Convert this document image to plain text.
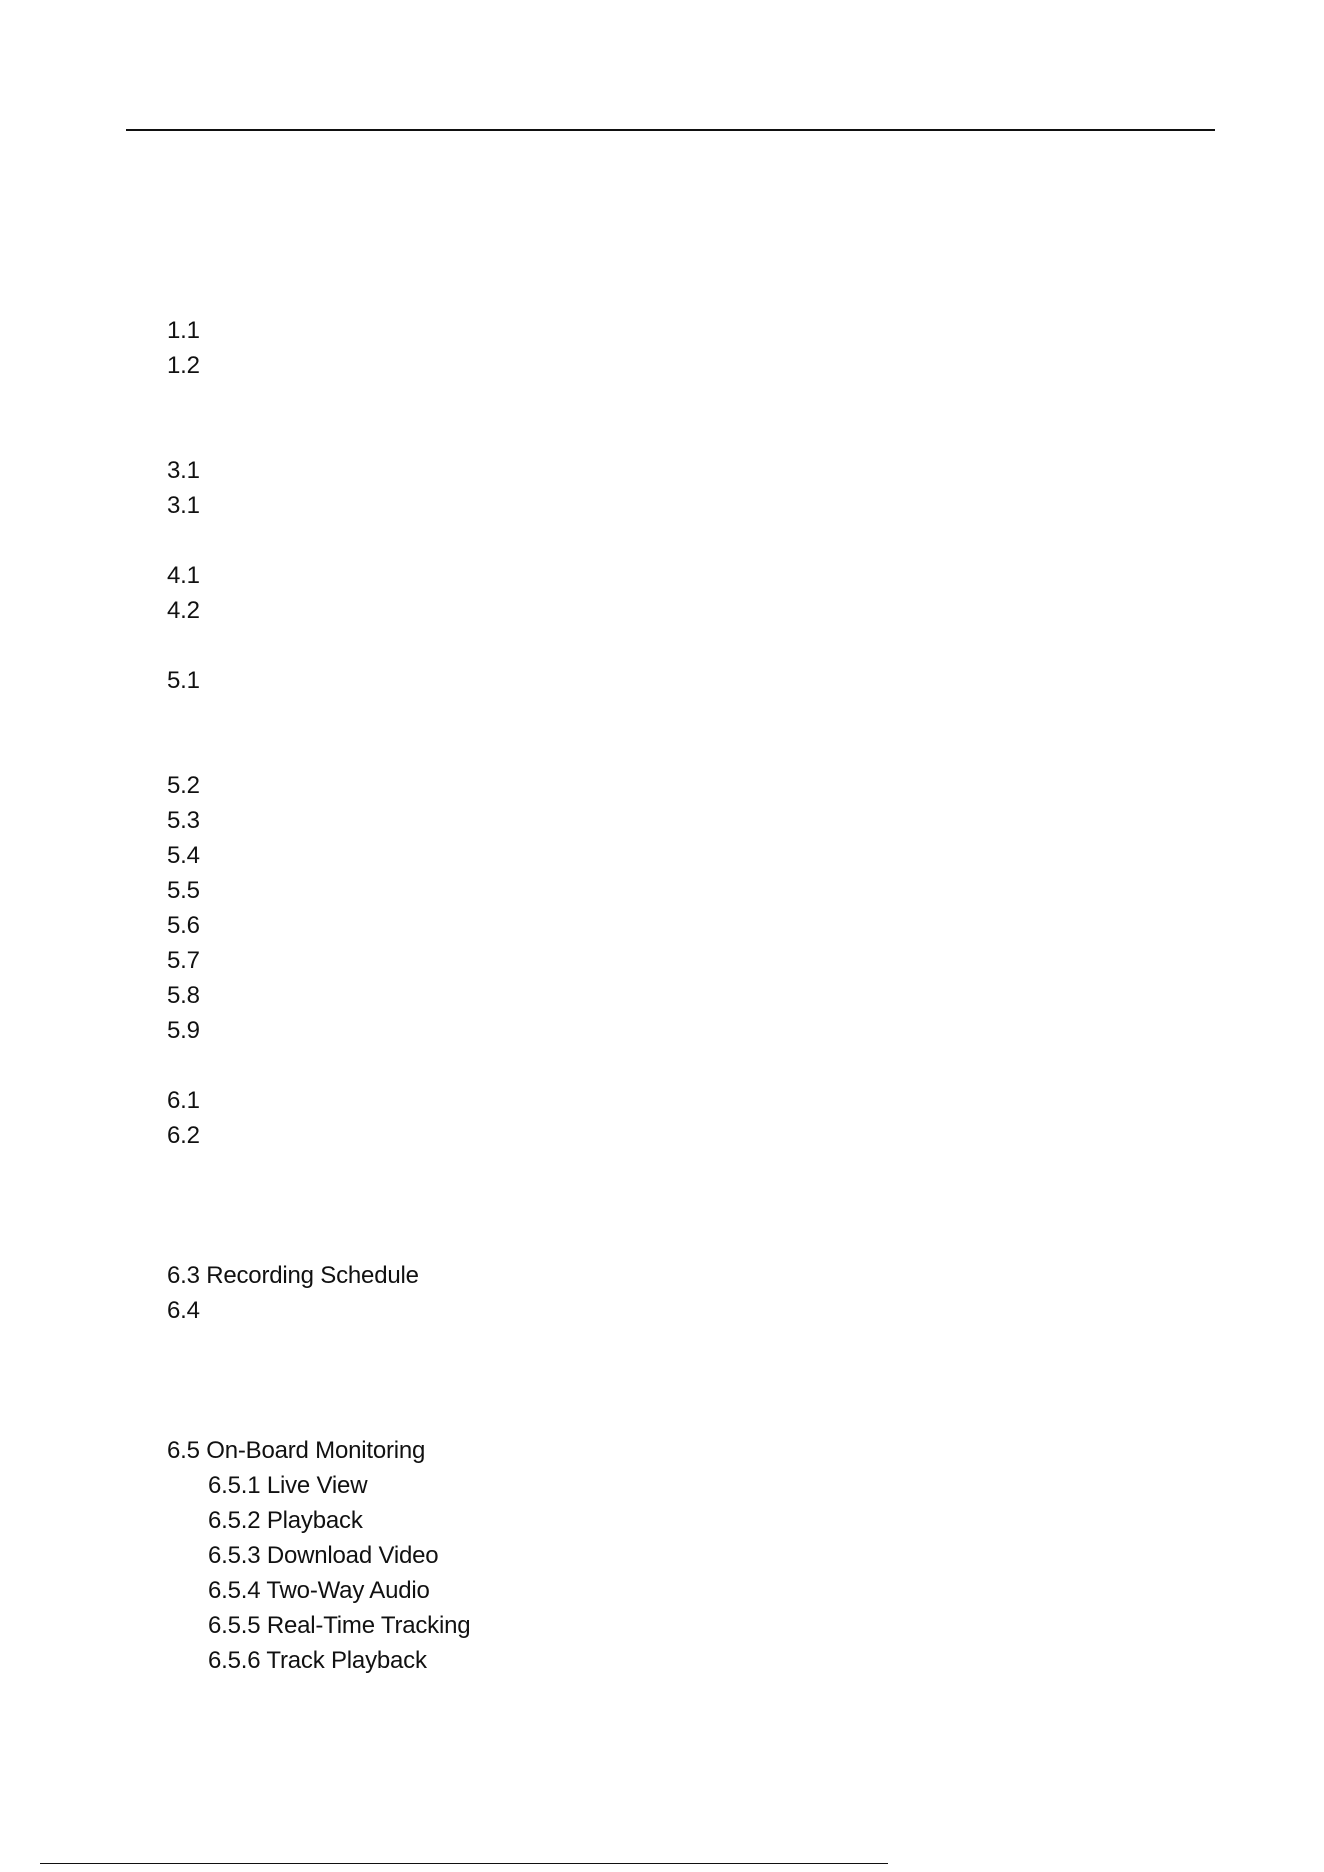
1.1
1.2
3.1
3.1
4.1
4.2
5.1
5.2
5.3
5.4
5.5
5.6
5.7
5.8
5.9
6.1
6.2
6.3 Recording Schedule
6.4
6.5 On-Board Monitoring
6.5.1 Live View
6.5.2 Playback
6.5.3 Download Video
6.5.4 Two-Way Audio
6.5.5 Real-Time Tracking
6.5.6 Track Playback
